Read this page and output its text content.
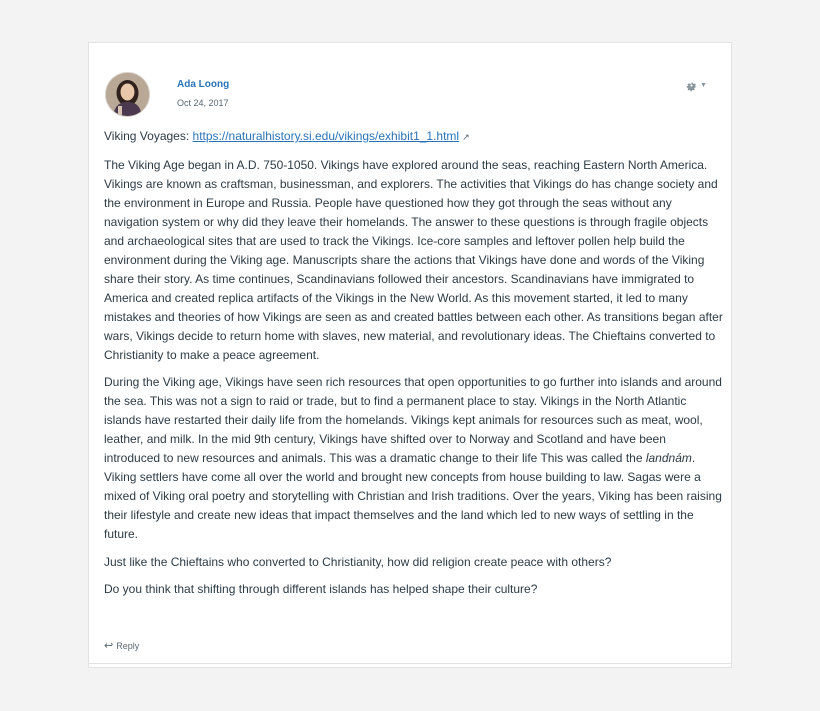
Ada Loong
Oct 24, 2017
▼

Viking Voyages: https://naturalhistory.si.edu/vikings/exhibit1_1.html ↗

The Viking Age began in A.D. 750-1050. Vikings have explored around the seas, reaching Eastern North America. Vikings are known as craftsman, businessman, and explorers. The activities that Vikings do has change society and the environment in Europe and Russia. People have questioned how they got through the seas without any navigation system or why did they leave their homelands. The answer to these questions is through fragile objects and archaeological sites that are used to track the Vikings. Ice-core samples and leftover pollen help build the environment during the Viking age. Manuscripts share the actions that Vikings have done and words of the Viking share their story. As time continues, Scandinavians followed their ancestors. Scandinavians have immigrated to America and created replica artifacts of the Vikings in the New World. As this movement started, it led to many mistakes and theories of how Vikings are seen as and created battles between each other. As transitions began after wars, Vikings decide to return home with slaves, new material, and revolutionary ideas. The Chieftains converted to Christianity to make a peace agreement.

During the Viking age, Vikings have seen rich resources that open opportunities to go further into islands and around the sea. This was not a sign to raid or trade, but to find a permanent place to stay. Vikings in the North Atlantic islands have restarted their daily life from the homelands. Vikings kept animals for resources such as meat, wool, leather, and milk. In the mid 9th century, Vikings have shifted over to Norway and Scotland and have been introduced to new resources and animals. This was a dramatic change to their life This was called the landnám. Viking settlers have come all over the world and brought new concepts from house building to law. Sagas were a mixed of Viking oral poetry and storytelling with Christian and Irish traditions. Over the years, Viking has been raising their lifestyle and create new ideas that impact themselves and the land which led to new ways of settling in the future.

Just like the Chieftains who converted to Christianity, how did religion create peace with others?

Do you think that shifting through different islands has helped shape their culture?

↩ Reply
